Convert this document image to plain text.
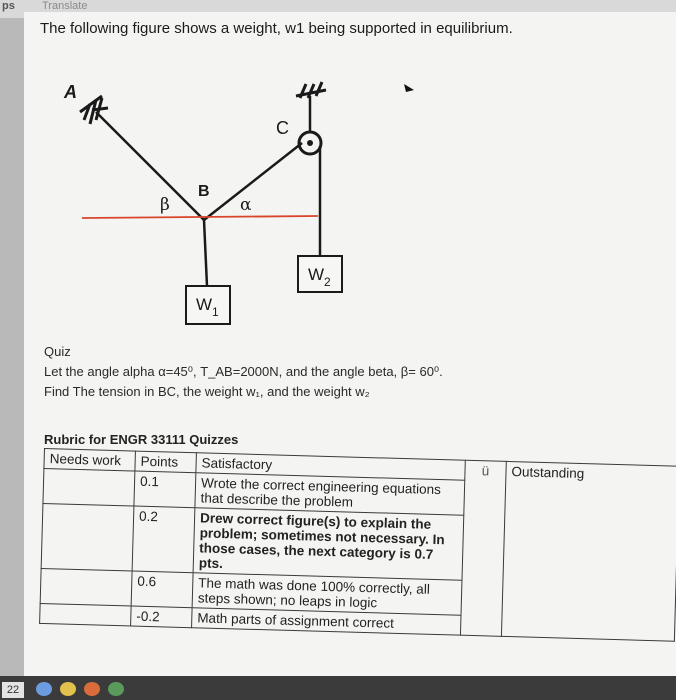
ps Translate
The following figure shows a weight, w1 being supported in equilibrium.
A
C
B
β	α
$W_1$
$W_2$
Quiz
Let the angle alpha α=45⁰, T_AB=2000N, and the angle beta, β= 60⁰.
Find The tension in BC, the weight w₁, and the weight w₂
Rubric for ENGR 33111 Quizzes
Needs work	Points	Satisfactory	ü	Outstanding
	0.1	Wrote the correct engineering equations that describe the problem		
	0.2	Drew correct figure(s) to explain the problem; sometimes not necessary. In those cases, the next category is 0.7 pts.		
	0.6	The math was done 100% correctly, all steps shown; no leaps in logic		
	-0.2	Math parts of assignment correct		
22
